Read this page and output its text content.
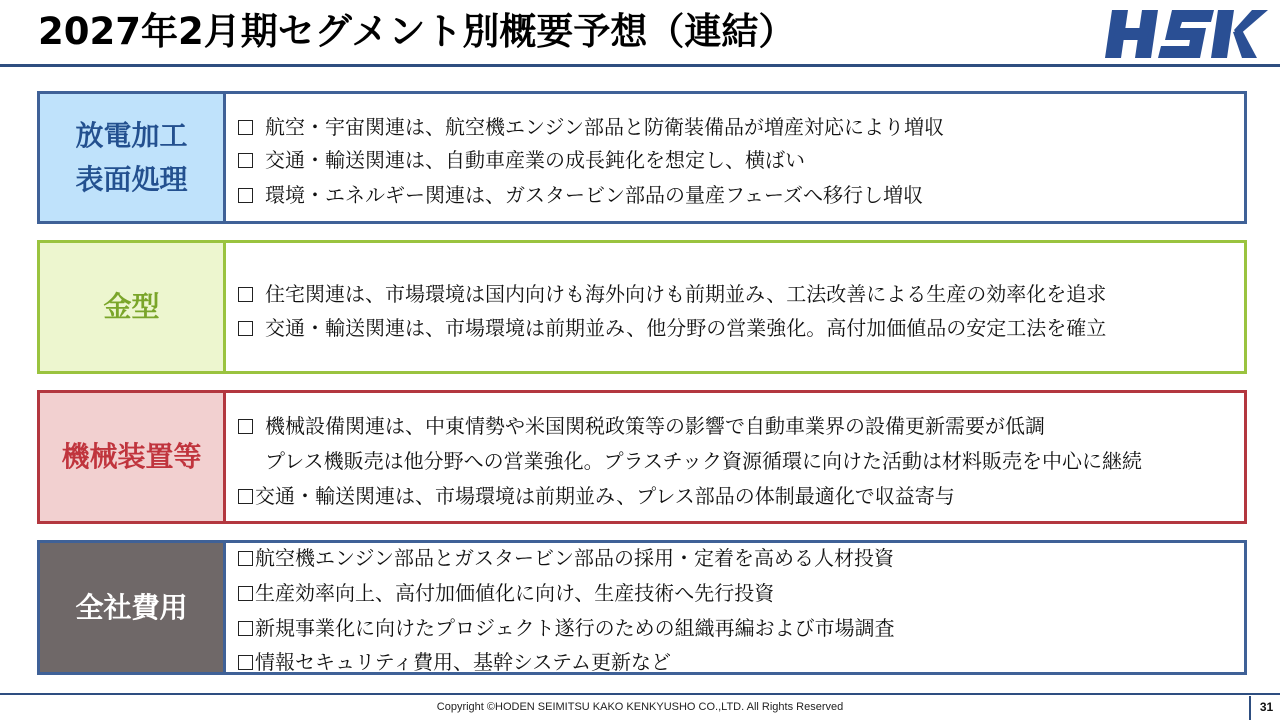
2027年2月期セグメント別概要予想（連結）
放電加工
表面処理
航空・宇宙関連は、航空機エンジン部品と防衛装備品が増産対応により増収
交通・輸送関連は、自動車産業の成長鈍化を想定し、横ばい
環境・エネルギー関連は、ガスタービン部品の量産フェーズへ移行し増収
金型	住宅関連は、市場環境は国内向けも海外向けも前期並み、工法改善による生産の効率化を追求
交通・輸送関連は、市場環境は前期並み、他分野の営業強化。高付加価値品の安定工法を確立
機械装置等
機械設備関連は、中東情勢や米国関税政策等の影響で自動車業界の設備更新需要が低調
プレス機販売は他分野への営業強化。プラスチック資源循環に向けた活動は材料販売を中心に継続
交通・輸送関連は、市場環境は前期並み、プレス部品の体制最適化で収益寄与
全社費用
航空機エンジン部品とガスタービン部品の採用・定着を高める人材投資
生産効率向上、高付加価値化に向け、生産技術へ先行投資
新規事業化に向けたプロジェクト遂行のための組織再編および市場調査
情報セキュリティ費用、基幹システム更新など
Copyright ©HODEN SEIMITSU KAKO KENKYUSHO CO.,LTD. All Rights Reserved	31
